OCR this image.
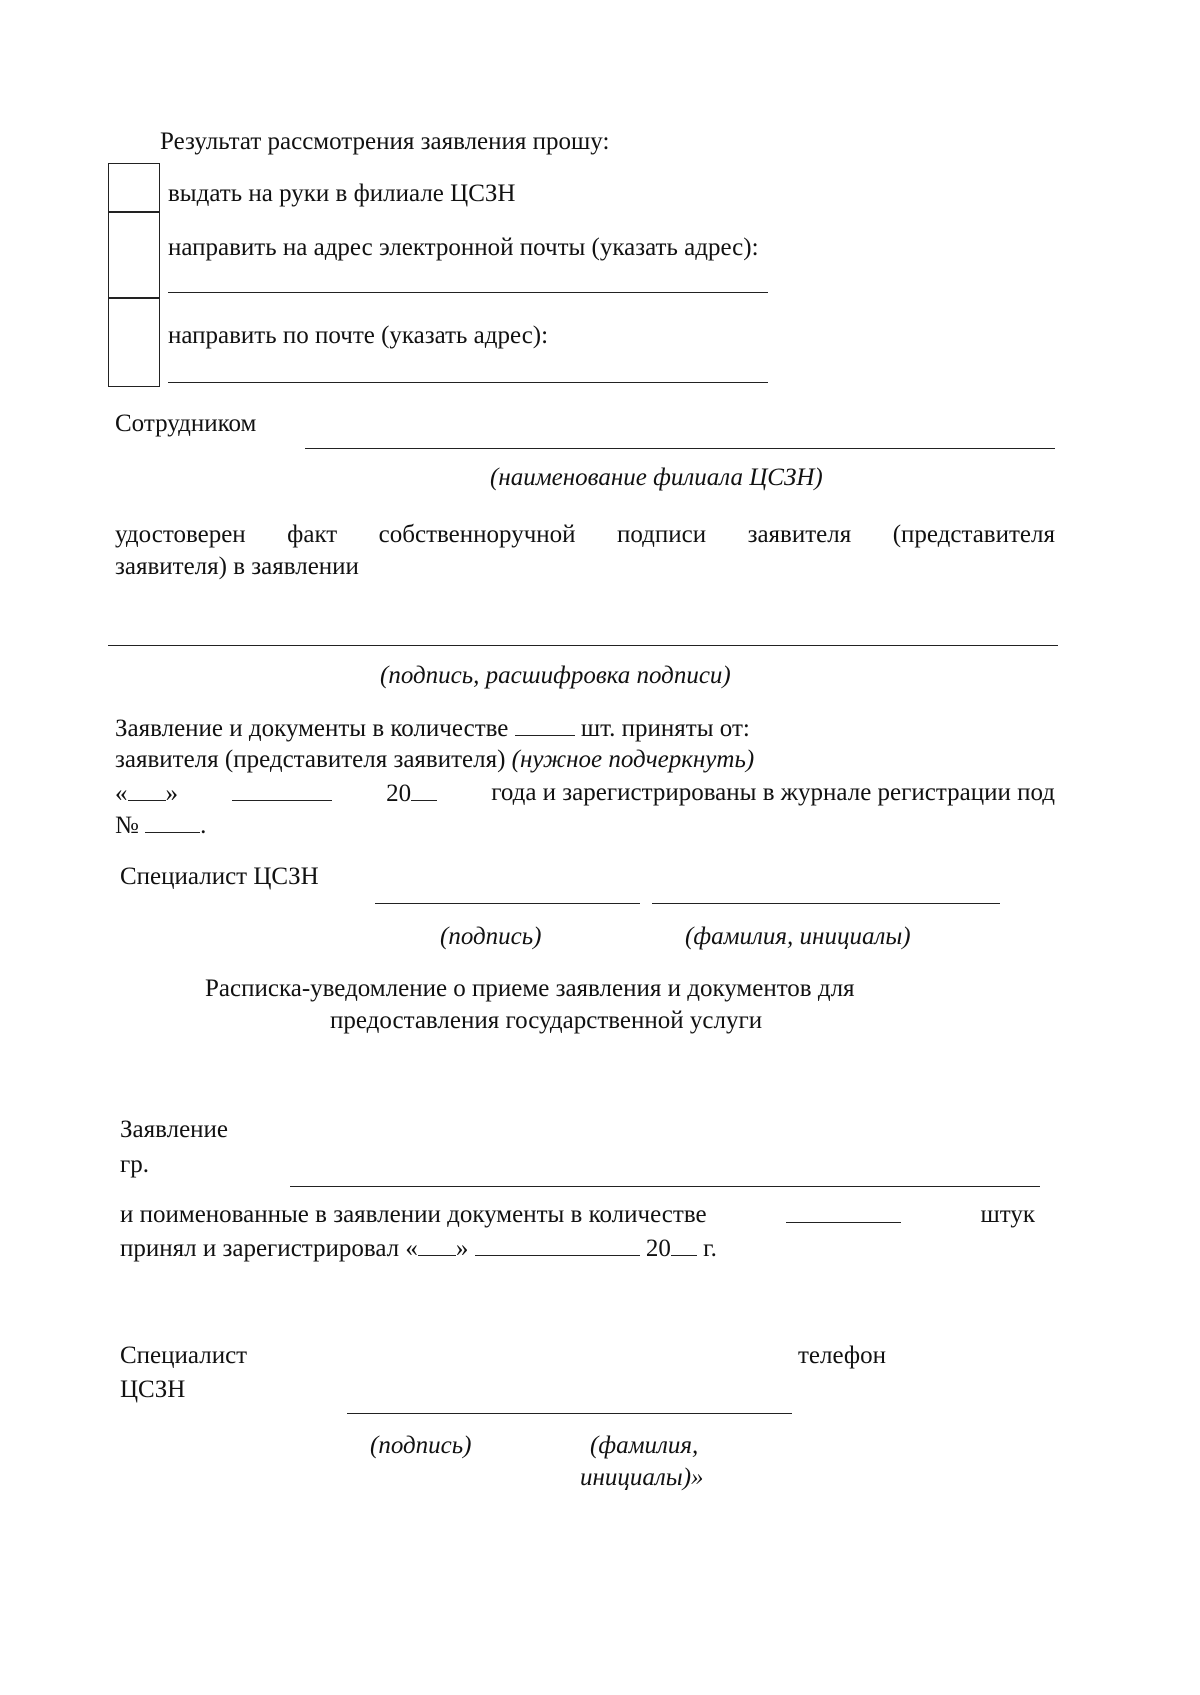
Результат рассмотрения заявления прошу:
выдать на руки в филиале ЦСЗН
направить на адрес электронной почты (указать адрес):
направить по почте (указать адрес):
Сотрудником
(наименование филиала ЦСЗН)
удостоверен факт собственноручной подписи заявителя (представителя
заявителя) в заявлении
(подпись, расшифровка подписи)
Заявление и документы в количестве	шт. приняты от:
заявителя (представителя заявителя) (нужное подчеркнуть)
« »	20	года и зарегистрированы в журнале регистрации под
№ .
Специалист ЦСЗН
(подпись)	(фамилия, инициалы)
Расписка-уведомление о приеме заявления и документов для
предоставления государственной услуги
Заявление
гр.
и поименованные в заявлении документы в количестве	штук
принял и зарегистрировал « »	20 г.
Специалист
ЦСЗН
телефон
(подпись)	(фамилия,
инициалы)»
